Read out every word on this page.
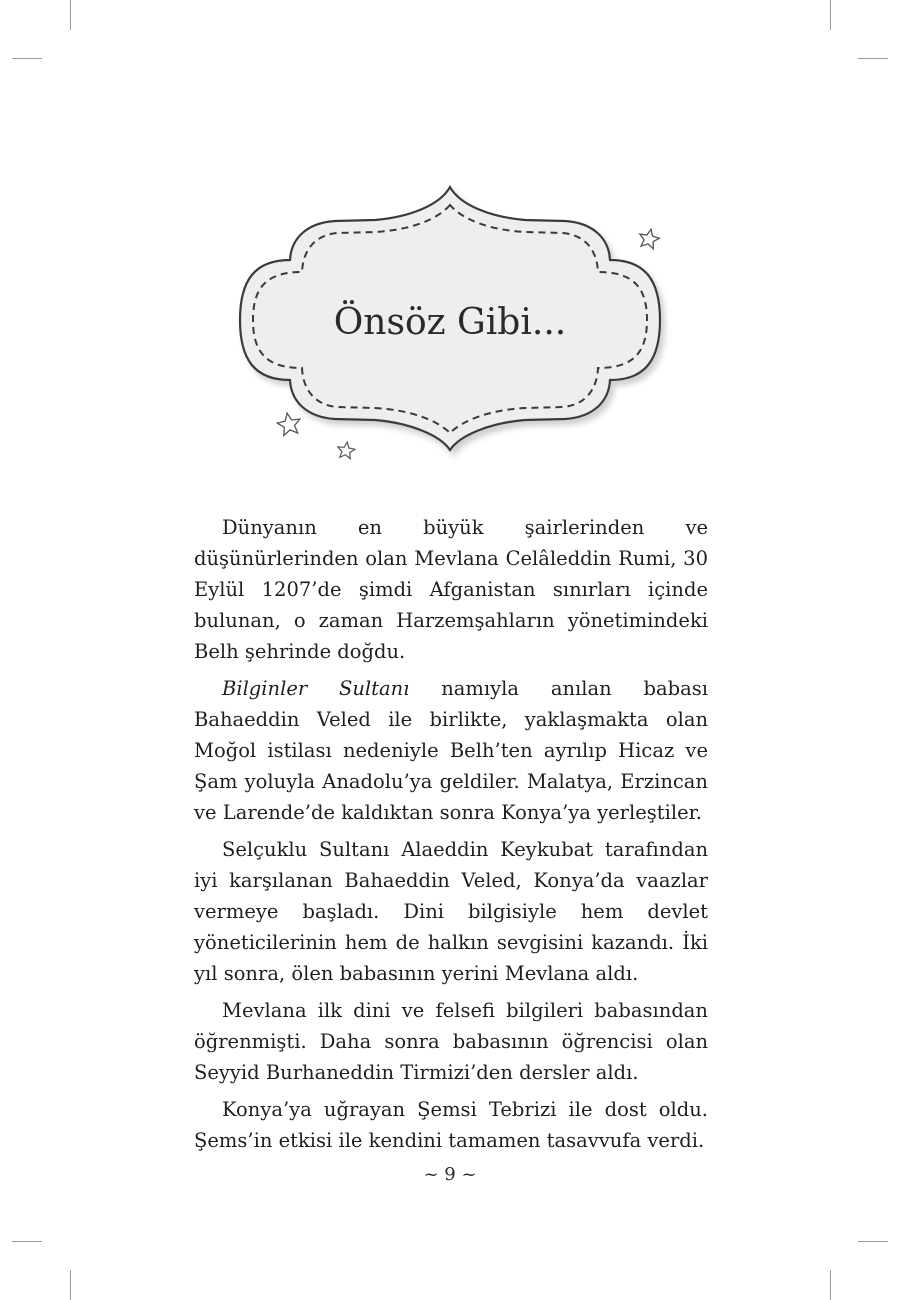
Önsöz Gibi...

Dünyanın en büyük şairlerinden ve düşünürlerinden olan Mevlana Celâleddin Rumi, 30 Eylül 1207’de şimdi Afganistan sınırları içinde bulunan, o zaman Harzemşahların yönetimindeki Belh şehrinde doğdu.

Bilginler Sultanı namıyla anılan babası Bahaeddin Veled ile birlikte, yaklaşmakta olan Moğol istilası nedeniyle Belh’ten ayrılıp Hicaz ve Şam yoluyla Anadolu’ya geldiler. Malatya, Erzincan ve Larende’de kaldıktan sonra Konya’ya yerleştiler.

Selçuklu Sultanı Alaeddin Keykubat tarafından iyi karşılanan Bahaeddin Veled, Konya’da vaazlar vermeye başladı. Dini bilgisiyle hem devlet yöneticilerinin hem de halkın sevgisini kazandı. İki yıl sonra, ölen babasının yerini Mevlana aldı.

Mevlana ilk dini ve felsefi bilgileri babasından öğrenmişti. Daha sonra babasının öğrencisi olan Seyyid Burhaneddin Tirmizi’den dersler aldı.

Konya’ya uğrayan Şemsi Tebrizi ile dost oldu. Şems’in etkisi ile kendini tamamen tasavvufa verdi.

~ 9 ~
